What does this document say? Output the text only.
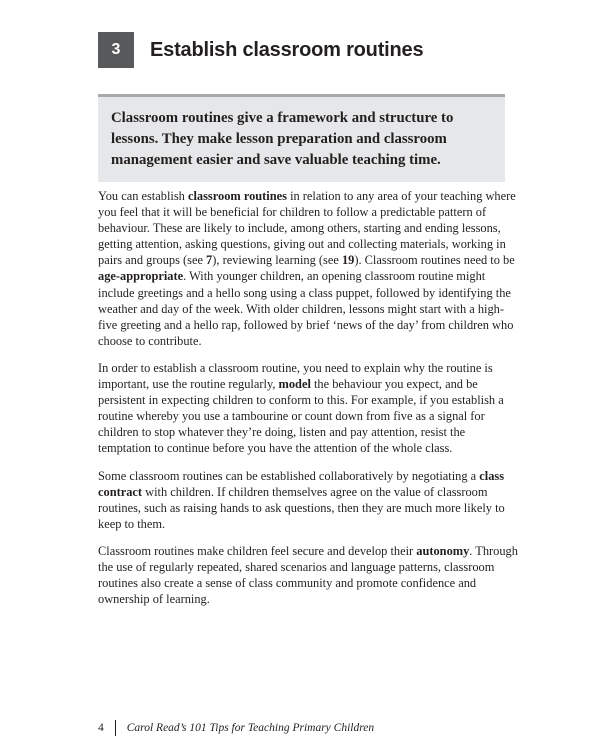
3	Establish classroom routines
Classroom routines give a framework and structure to
lessons. They make lesson preparation and classroom
management easier and save valuable teaching time.

You can establish classroom routines in relation to any area of your teaching where you feel that it will be beneficial for children to follow a predictable pattern of behaviour. These are likely to include, among others, starting and ending lessons, getting attention, asking questions, giving out and collecting materials, working in pairs and groups (see 7), reviewing learning (see 19). Classroom routines need to be age-appropriate. With younger children, an opening classroom routine might include greetings and a hello song using a class puppet, followed by identifying the weather and day of the week. With older children, lessons might start with a high-five greeting and a hello rap, followed by brief ‘news of the day’ from children who choose to contribute.

In order to establish a classroom routine, you need to explain why the routine is important, use the routine regularly, model the behaviour you expect, and be persistent in expecting children to conform to this. For example, if you establish a routine whereby you use a tambourine or count down from five as a signal for children to stop whatever they’re doing, listen and pay attention, resist the temptation to continue before you have the attention of the whole class.

Some classroom routines can be established collaboratively by negotiating a class contract with children. If children themselves agree on the value of classroom routines, such as raising hands to ask questions, then they are much more likely to keep to them.

Classroom routines make children feel secure and develop their autonomy. Through the use of regularly repeated, shared scenarios and language patterns, classroom routines also create a sense of class community and promote confidence and ownership of learning.

4 Carol Read’s 101 Tips for Teaching Primary Children
